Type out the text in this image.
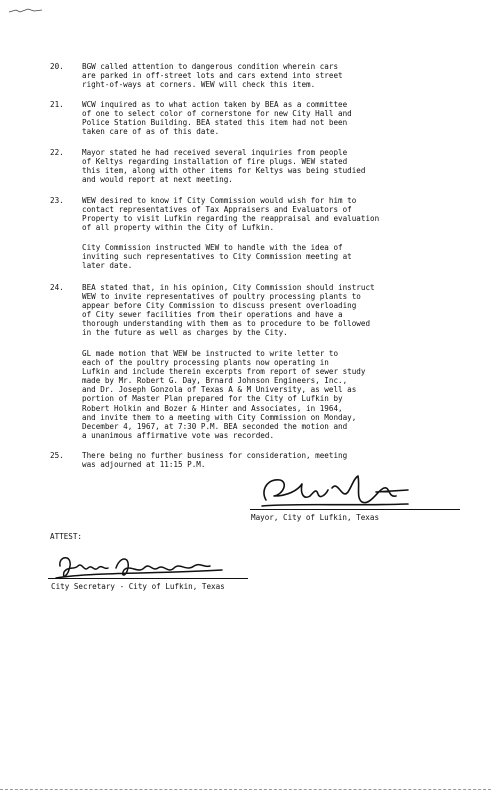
20.	BGW called attention to dangerous condition wherein cars
are parked in off-street lots and cars extend into street
right-of-ways at corners. WEW will check this item.
21.	WCW inquired as to what action taken by BEA as a committee
of one to select color of cornerstone for new City Hall and
Police Station Building. BEA stated this item had not been
taken care of as of this date.
22.	Mayor stated he had received several inquiries from people
of Keltys regarding installation of fire plugs. WEW stated
this item, along with other items for Keltys was being studied
and would report at next meeting.
23.	WEW desired to know if City Commission would wish for him to
contact representatives of Tax Appraisers and Evaluators of
Property to visit Lufkin regarding the reappraisal and evaluation
of all property within the City of Lufkin.
City Commission instructed WEW to handle with the idea of
inviting such representatives to City Commission meeting at
later date.
24.	BEA stated that, in his opinion, City Commission should instruct
WEW to invite representatives of poultry processing plants to
appear before City Commission to discuss present overloading
of City sewer facilities from their operations and have a
thorough understanding with them as to procedure to be followed
in the future as well as charges by the City.
GL made motion that WEW be instructed to write letter to
each of the poultry processing plants now operating in
Lufkin and include therein excerpts from report of sewer study
made by Mr. Robert G. Day, Brnard Johnson Engineers, Inc.,
and Dr. Joseph Gonzola of Texas A & M University, as well as
portion of Master Plan prepared for the City of Lufkin by
Robert Holkin and Bozer & Hinter and Associates, in 1964,
and invite them to a meeting with City Commission on Monday,
December 4, 1967, at 7:30 P.M. BEA seconded the motion and
a unanimous affirmative vote was recorded.
25.	There being no further business for consideration, meeting
was adjourned at 11:15 P.M.
Mayor, City of Lufkin, Texas
ATTEST:
City Secretary - City of Lufkin, Texas
